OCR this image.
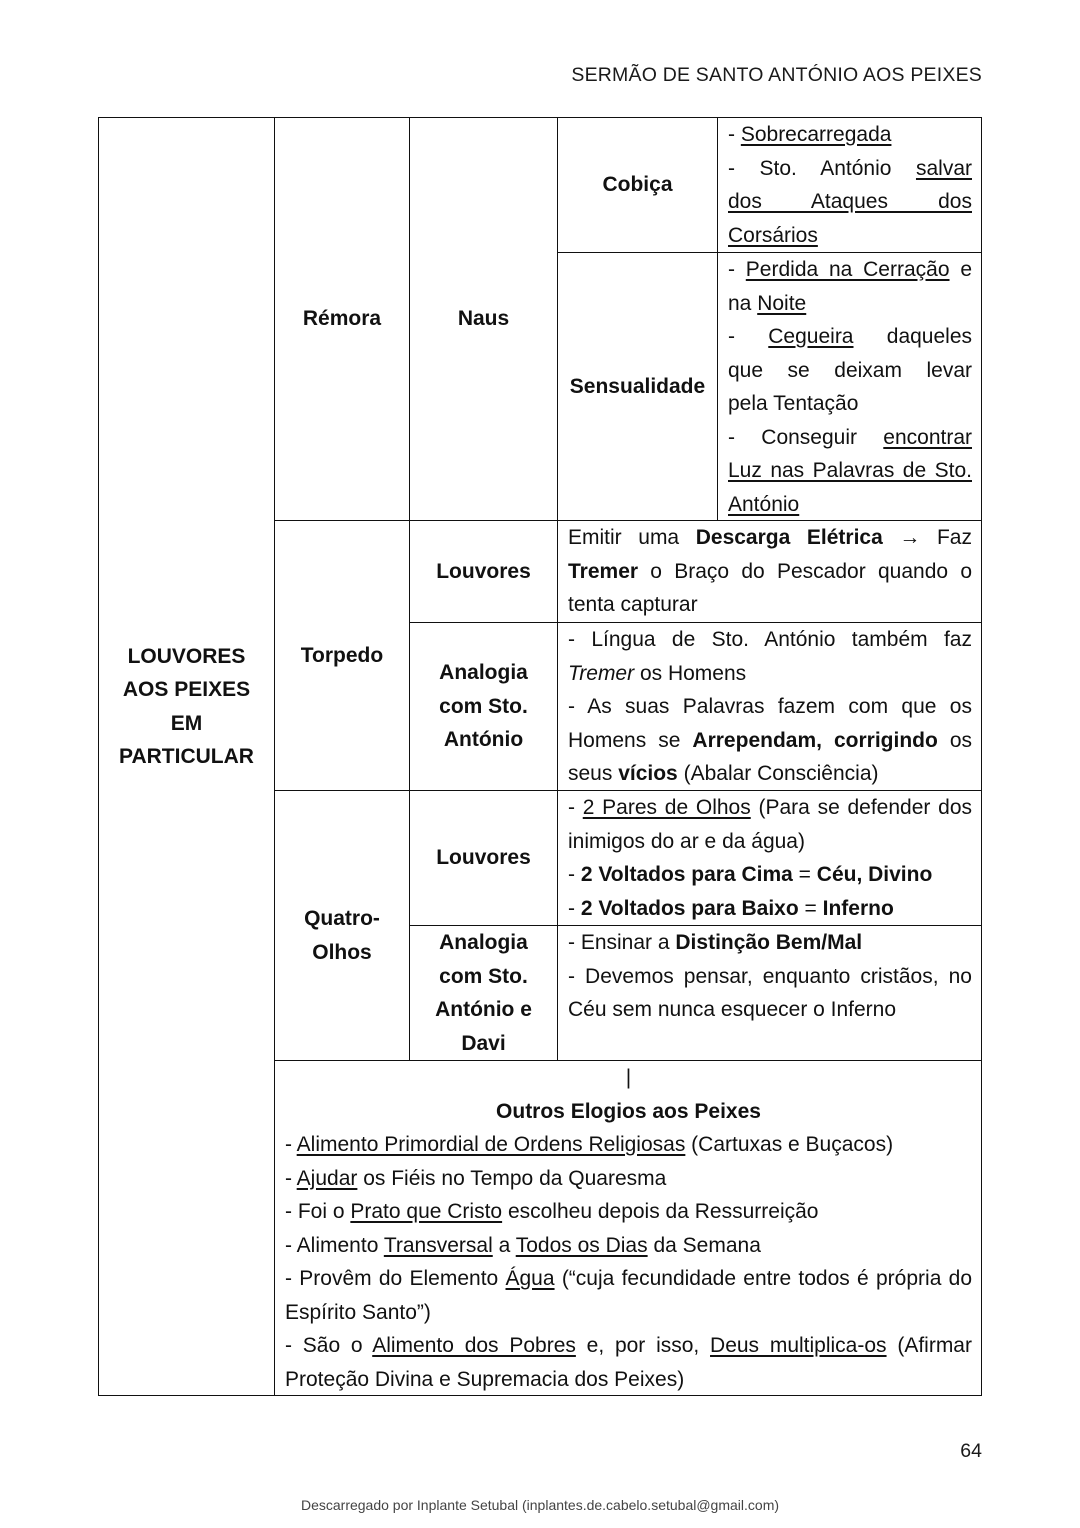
SERMÃO DE SANTO ANTÓNIO AOS PEIXES
LOUVORES
AOS PEIXES
EM
PARTICULAR
Rémora	Naus
Cobiça

- Sobrecarregada

- Sto. António salvar

dos Ataques dos

Corsários

Sensualidade

- Perdida na Cerração e

na Noite

- Cegueira daqueles

que se deixam levar

pela Tentação

- Conseguir encontrar

Luz nas Palavras de Sto.

António

Torpedo
Louvores

Emitir uma Descarga Elétrica → Faz Tremer o Braço do Pescador quando o tenta capturar

Analogia
com Sto.
António

- Língua de Sto. António também faz Tremer os Homens

- As suas Palavras fazem com que os Homens se Arrependam, corrigindo os seus vícios (Abalar Consciência)

Quatro-
Olhos
Louvores

- 2 Pares de Olhos (Para se defender dos inimigos do ar e da água)

- 2 Voltados para Cima = Céu, Divino

- 2 Voltados para Baixo = Inferno

Analogia
com Sto.
António e
Davi

- Ensinar a Distinção Bem/Mal

- Devemos pensar, enquanto cristãos, no Céu sem nunca esquecer o Inferno

|

Outros Elogios aos Peixes

- Alimento Primordial de Ordens Religiosas (Cartuxas e Buçacos)

- Ajudar os Fiéis no Tempo da Quaresma

- Foi o Prato que Cristo escolheu depois da Ressurreição

- Alimento Transversal a Todos os Dias da Semana

- Provêm do Elemento Água (“cuja fecundidade entre todos é própria do Espírito Santo”)

- São o Alimento dos Pobres e, por isso, Deus multiplica-os (Afirmar Proteção Divina e Supremacia dos Peixes)

64
Descarregado por Inplante Setubal (inplantes.de.cabelo.setubal@gmail.com)
